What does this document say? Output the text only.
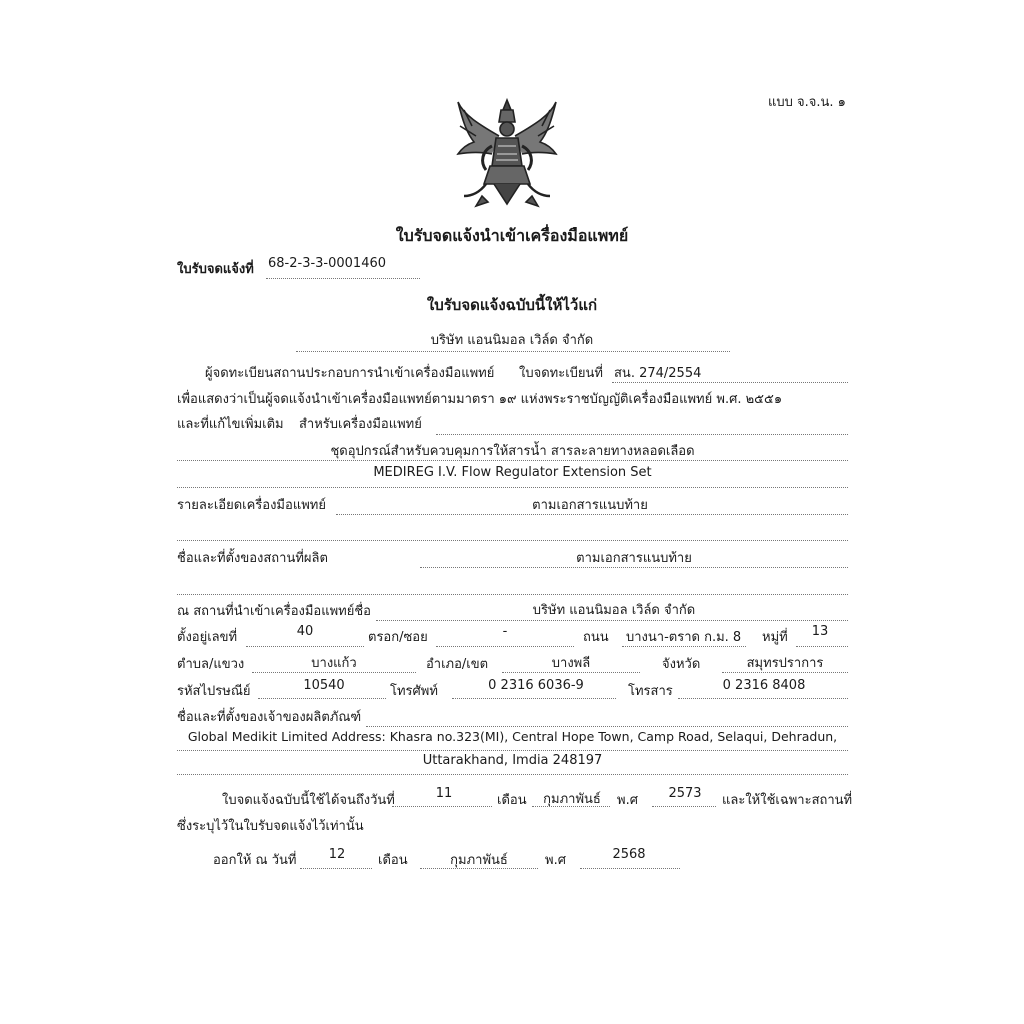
แบบ จ.จ.น. ๑
ใบรับจดแจ้งนำเข้าเครื่องมือแพทย์
ใบรับจดแจ้งที่ 68-2-3-3-0001460
ใบรับจดแจ้งฉบับนี้ให้ไว้แก่
บริษัท แอนนิมอล เวิล์ด จำกัด
ผู้จดทะเบียนสถานประกอบการนำเข้าเครื่องมือแพทย์ ใบจดทะเบียนที่ สน. 274/2554
เพื่อแสดงว่าเป็นผู้จดแจ้งนำเข้าเครื่องมือแพทย์ตามมาตรา ๑๙ แห่งพระราชบัญญัติเครื่องมือแพทย์ พ.ศ. ๒๕๕๑
และที่แก้ไขเพิ่มเติม สำหรับเครื่องมือแพทย์
ชุดอุปกรณ์สำหรับควบคุมการให้สารน้ำ สารละลายทางหลอดเลือด
MEDIREG I.V. Flow Regulator Extension Set
รายละเอียดเครื่องมือแพทย์	ตามเอกสารแนบท้าย
ชื่อและที่ตั้งของสถานที่ผลิต	ตามเอกสารแนบท้าย
ณ สถานที่นำเข้าเครื่องมือแพทย์ชื่อ	บริษัท แอนนิมอล เวิล์ด จำกัด
ตั้งอยู่เลขที่	40	ตรอก/ซอย	-	ถนน บางนา-ตราด ก.ม. 8 หมู่ที่	13
ตำบล/แขวง	บางแก้ว	อำเภอ/เขต	บางพลี	จังหวัด	สมุทรปราการ
รหัสไปรษณีย์	10540	โทรศัพท์	0 2316 6036-9	โทรสาร	0 2316 8408
ชื่อและที่ตั้งของเจ้าของผลิตภัณฑ์
Global Medikit Limited Address: Khasra no.323(MI), Central Hope Town, Camp Road, Selaqui, Dehradun,
Uttarakhand, Imdia 248197
ใบจดแจ้งฉบับนี้ใช้ได้จนถึงวันที่	11	เดือน	กุมภาพันธ์	พ.ศ	2573	และให้ใช้เฉพาะสถานที่
ซึ่งระบุไว้ในใบรับจดแจ้งไว้เท่านั้น
ออกให้ ณ วันที่	12	เดือน	กุมภาพันธ์	พ.ศ	2568
